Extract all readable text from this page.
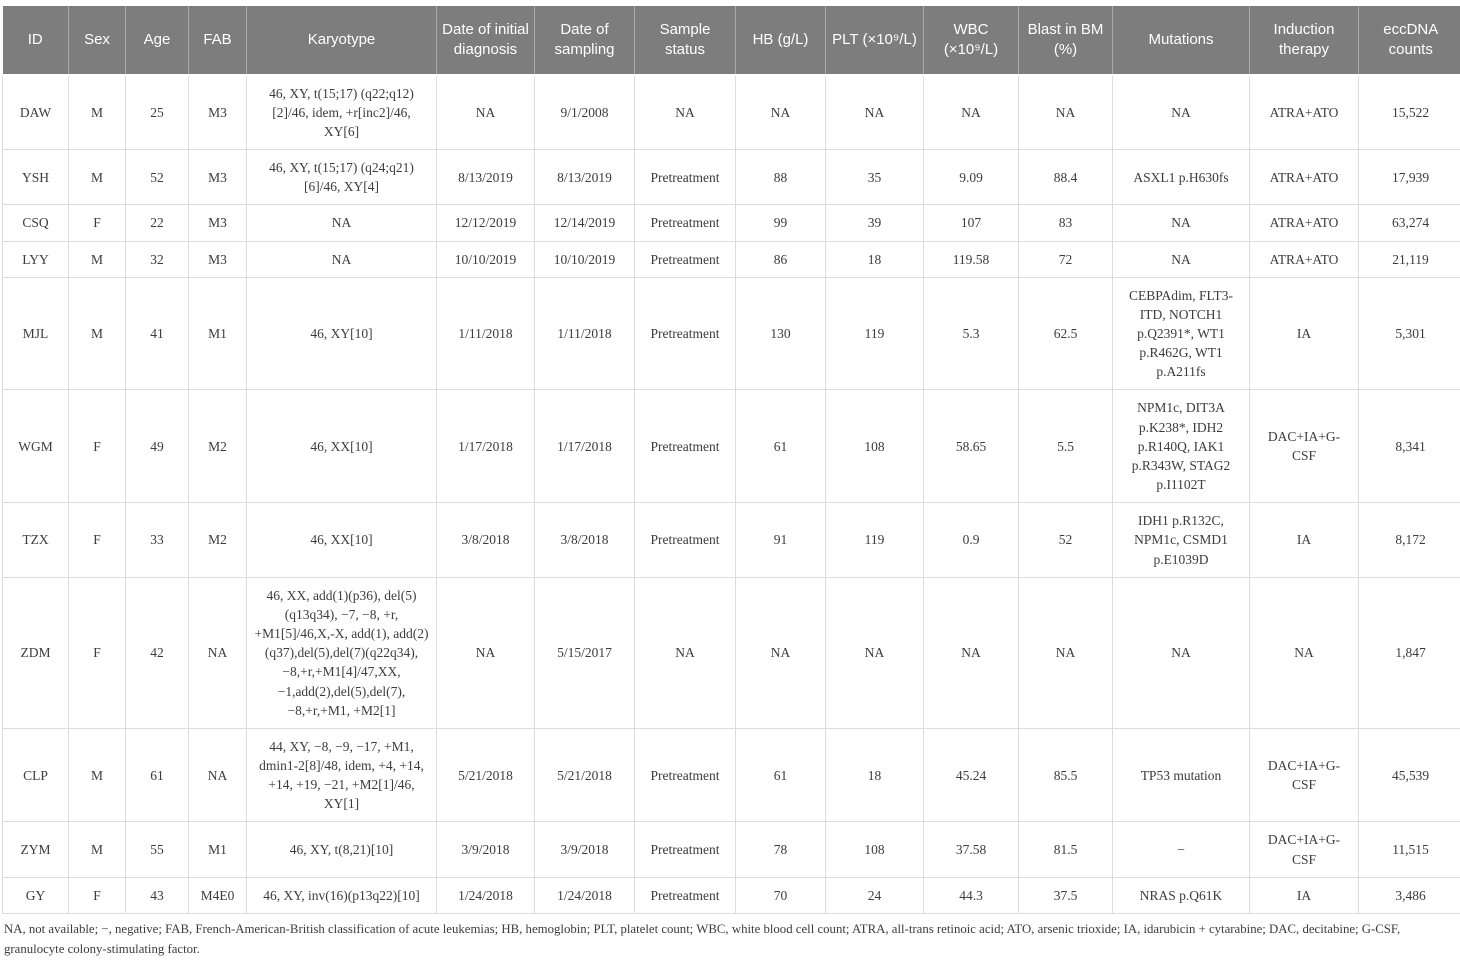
ID	Sex	Age	FAB	Karyotype	Date of initial diagnosis	Date of sampling	Sample status	HB (g/L)	PLT (×10⁹/L)	WBC (×10⁹/L)	Blast in BM (%)	Mutations	Induction therapy	eccDNA counts
DAW	M	25	M3	46, XY, t(15;17) (q22;q12)[2]/46, idem, +r[inc2]/46, XY[6]	NA	9/1/2008	NA	NA	NA	NA	NA	NA	ATRA+ATO	15,522
YSH	M	52	M3	46, XY, t(15;17) (q24;q21)[6]/46, XY[4]	8/13/2019	8/13/2019	Pretreatment	88	35	9.09	88.4	ASXL1 p.H630fs	ATRA+ATO	17,939
CSQ	F	22	M3	NA	12/12/2019	12/14/2019	Pretreatment	99	39	107	83	NA	ATRA+ATO	63,274
LYY	M	32	M3	NA	10/10/2019	10/10/2019	Pretreatment	86	18	119.58	72	NA	ATRA+ATO	21,119
MJL	M	41	M1	46, XY[10]	1/11/2018	1/11/2018	Pretreatment	130	119	5.3	62.5	CEBPAdim, FLT3-ITD, NOTCH1 p.Q2391*, WT1 p.R462G, WT1 p.A211fs	IA	5,301
WGM	F	49	M2	46, XX[10]	1/17/2018	1/17/2018	Pretreatment	61	108	58.65	5.5	NPM1c, DIT3A p.K238*, IDH2 p.R140Q, IAK1 p.R343W, STAG2 p.I1102T	DAC+IA+G-CSF	8,341
TZX	F	33	M2	46, XX[10]	3/8/2018	3/8/2018	Pretreatment	91	119	0.9	52	IDH1 p.R132C, NPM1c, CSMD1 p.E1039D	IA	8,172
ZDM	F	42	NA	46, XX, add(1)(p36), del(5)(q13q34), −7, −8, +r, +M1[5]/46,X,-X, add(1), add(2)(q37),del(5),del(7)(q22q34),−8,+r,+M1[4]/47,XX,−1,add(2),del(5),del(7),−8,+r,+M1, +M2[1]	NA	5/15/2017	NA	NA	NA	NA	NA	NA	NA	1,847
CLP	M	61	NA	44, XY, −8, −9, −17, +M1, dmin1-2[8]/48, idem, +4, +14, +14, +19, −21, +M2[1]/46, XY[1]	5/21/2018	5/21/2018	Pretreatment	61	18	45.24	85.5	TP53 mutation	DAC+IA+G-CSF	45,539
ZYM	M	55	M1	46, XY, t(8,21)[10]	3/9/2018	3/9/2018	Pretreatment	78	108	37.58	81.5	−	DAC+IA+G-CSF	11,515
GY	F	43	M4E0	46, XY, inv(16)(p13q22)[10]	1/24/2018	1/24/2018	Pretreatment	70	24	44.3	37.5	NRAS p.Q61K	IA	3,486
NA, not available; −, negative; FAB, French-American-British classification of acute leukemias; HB, hemoglobin; PLT, platelet count; WBC, white blood cell count; ATRA, all-trans retinoic acid; ATO, arsenic trioxide; IA, idarubicin + cytarabine; DAC, decitabine; G-CSF, granulocyte colony-stimulating factor.
